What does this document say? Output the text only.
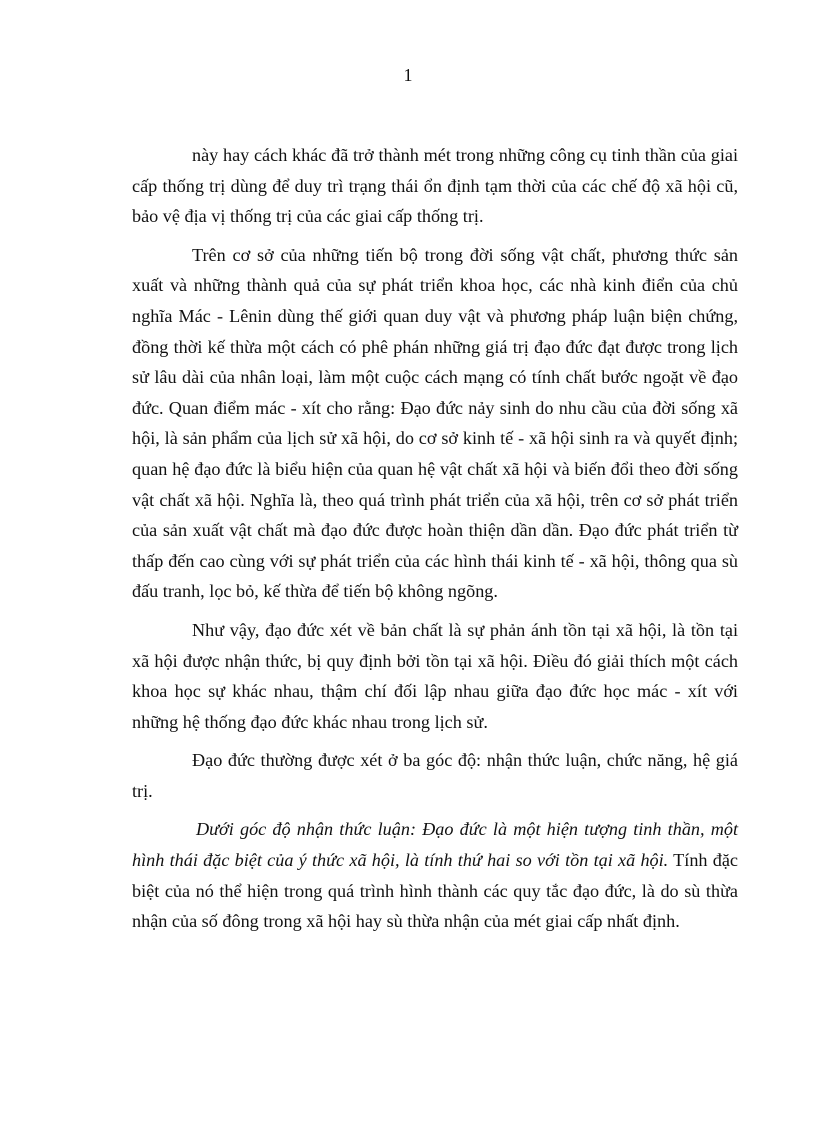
1

này hay cách khác đã trở thành mét trong những công cụ tinh thần của giai cấp thống trị dùng để duy trì trạng thái ổn định tạm thời của các chế độ xã hội cũ, bảo vệ địa vị thống trị của các giai cấp thống trị.

Trên cơ sở của những tiến bộ trong đời sống vật chất, phương thức sản xuất và những thành quả của sự phát triển khoa học, các nhà kinh điển của chủ nghĩa Mác - Lênin dùng thế giới quan duy vật và phương pháp luận biện chứng, đồng thời kế thừa một cách có phê phán những giá trị đạo đức đạt được trong lịch sử lâu dài của nhân loại, làm một cuộc cách mạng có tính chất bước ngoặt về đạo đức. Quan điểm mác - xít cho rằng: Đạo đức nảy sinh do nhu cầu của đời sống xã hội, là sản phẩm của lịch sử xã hội, do cơ sở kinh tế - xã hội sinh ra và quyết định; quan hệ đạo đức là biểu hiện của quan hệ vật chất xã hội và biến đổi theo đời sống vật chất xã hội. Nghĩa là, theo quá trình phát triển của xã hội, trên cơ sở phát triển của sản xuất vật chất mà đạo đức được hoàn thiện dần dần. Đạo đức phát triển từ thấp đến cao cùng với sự phát triển của các hình thái kinh tế - xã hội, thông qua sù đấu tranh, lọc bỏ, kế thừa để tiến bộ không ngõng.

Như vậy, đạo đức xét về bản chất là sự phản ánh tồn tại xã hội, là tồn tại xã hội được nhận thức, bị quy định bởi tồn tại xã hội. Điều đó giải thích một cách khoa học sự khác nhau, thậm chí đối lập nhau giữa đạo đức học mác - xít với những hệ thống đạo đức khác nhau trong lịch sử.

Đạo đức thường được xét ở ba góc độ: nhận thức luận, chức năng, hệ giá trị.

Dưới góc độ nhận thức luận: Đạo đức là một hiện tượng tinh thần, một hình thái đặc biệt của ý thức xã hội, là tính thứ hai so với tồn tại xã hội. Tính đặc biệt của nó thể hiện trong quá trình hình thành các quy tắc đạo đức, là do sù thừa nhận của số đông trong xã hội hay sù thừa nhận của mét giai cấp nhất định.
